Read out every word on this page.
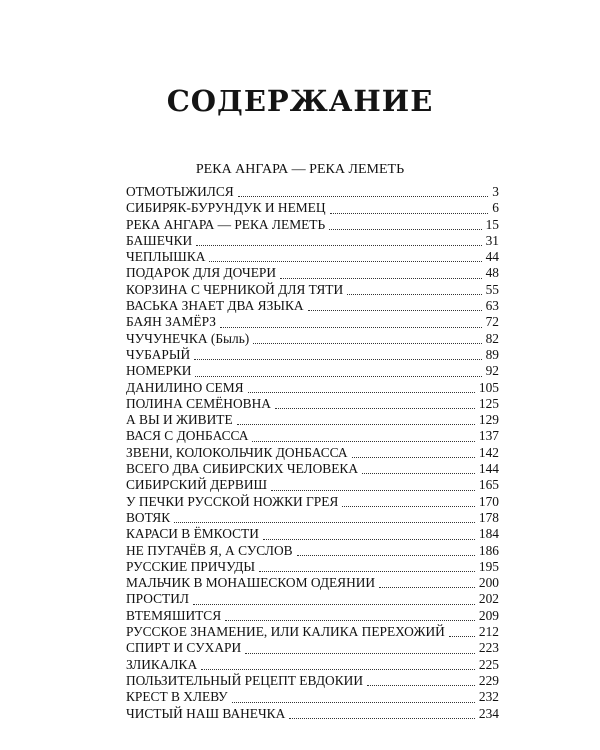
СОДЕРЖАНИЕ
РЕКА АНГАРА — РЕКА ЛЕМЕТЬ
ОТМОТЫЖИЛСЯ	3
СИБИРЯК-БУРУНДУК И НЕМЕЦ	6
РЕКА АНГАРА — РЕКА ЛЕМЕТЬ	15
БАШЕЧКИ	31
ЧЕПЛЫШКА	44
ПОДАРОК ДЛЯ ДОЧЕРИ	48
КОРЗИНА С ЧЕРНИКОЙ ДЛЯ ТЯТИ	55
ВАСЬКА ЗНАЕТ ДВА ЯЗЫКА	63
БАЯН ЗАМЁРЗ	72
ЧУЧУНЕЧКА (Быль)	82
ЧУБАРЫЙ	89
НОМЕРКИ	92
ДАНИЛИНО СЕМЯ	105
ПОЛИНА СЕМЁНОВНА	125
А ВЫ И ЖИВИТЕ	129
ВАСЯ С ДОНБАССА	137
ЗВЕНИ, КОЛОКОЛЬЧИК ДОНБАССА	142
ВСЕГО ДВА СИБИРСКИХ ЧЕЛОВЕКА	144
СИБИРСКИЙ ДЕРВИШ	165
У ПЕЧКИ РУССКОЙ НОЖКИ ГРЕЯ	170
ВОТЯК	178
КАРАСИ В ЁМКОСТИ	184
НЕ ПУГАЧЁВ Я, А СУСЛОВ	186
РУССКИЕ ПРИЧУДЫ	195
МАЛЬЧИК В МОНАШЕСКОМ ОДЕЯНИИ	200
ПРОСТИЛ	202
ВТЕМЯШИТСЯ	209
РУССКОЕ ЗНАМЕНИЕ, ИЛИ КАЛИКА ПЕРЕХОЖИЙ	212
СПИРТ И СУХАРИ	223
ЗЛИКАЛКА	225
ПОЛЬЗИТЕЛЬНЫЙ РЕЦЕПТ ЕВДОКИИ	229
КРЕСТ В ХЛЕВУ	232
ЧИСТЫЙ НАШ ВАНЕЧКА	234
